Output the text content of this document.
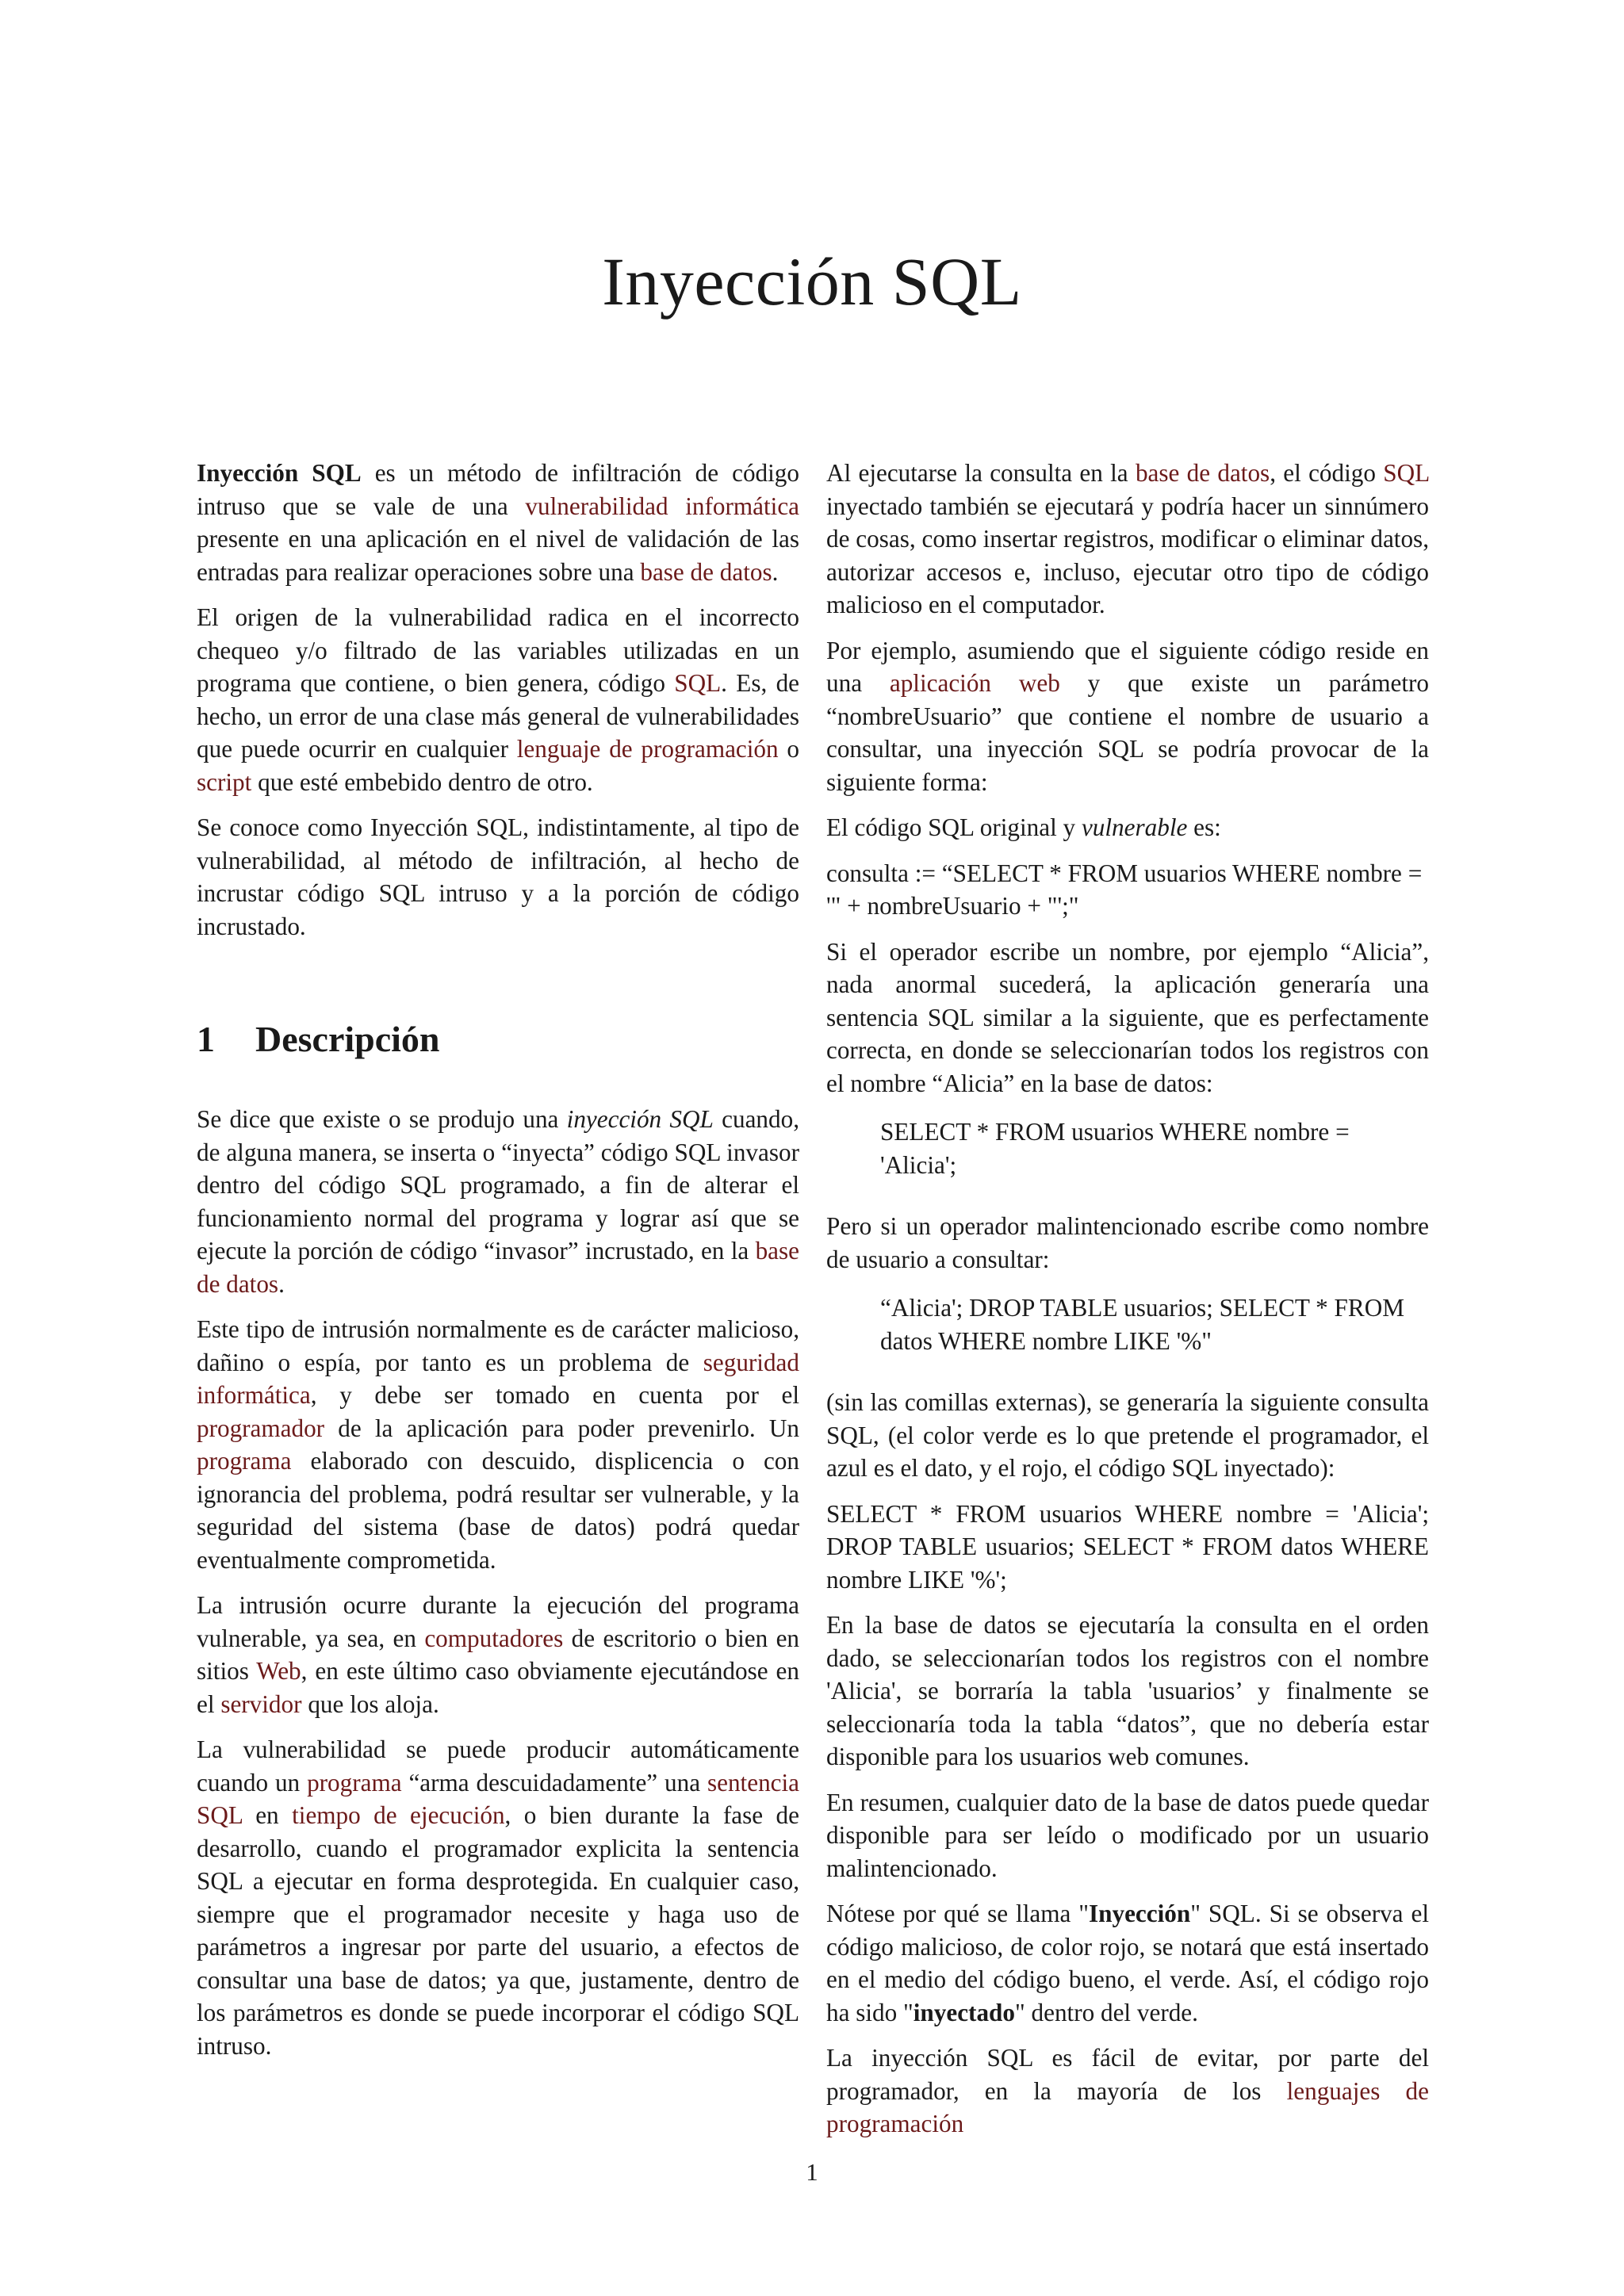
Inyección SQL

Inyección SQL es un método de infiltración de código intruso que se vale de una vulnerabilidad informática presente en una aplicación en el nivel de validación de las entradas para realizar operaciones sobre una base de datos.

El origen de la vulnerabilidad radica en el incorrecto chequeo y/o filtrado de las variables utilizadas en un programa que contiene, o bien genera, código SQL. Es, de hecho, un error de una clase más general de vulnerabilidades que puede ocurrir en cualquier lenguaje de programación o script que esté embebido dentro de otro.

Se conoce como Inyección SQL, indistintamente, al tipo de vulnerabilidad, al método de infiltración, al hecho de incrustar código SQL intruso y a la porción de código incrustado.

1 Descripción

Se dice que existe o se produjo una inyección SQL cuando, de alguna manera, se inserta o “inyecta” código SQL invasor dentro del código SQL programado, a fin de alterar el funcionamiento normal del programa y lograr así que se ejecute la porción de código “invasor” incrustado, en la base de datos.

Este tipo de intrusión normalmente es de carácter malicioso, dañino o espía, por tanto es un problema de seguridad informática, y debe ser tomado en cuenta por el programador de la aplicación para poder prevenirlo. Un programa elaborado con descuido, displicencia o con ignorancia del problema, podrá resultar ser vulnerable, y la seguridad del sistema (base de datos) podrá quedar eventualmente comprometida.

La intrusión ocurre durante la ejecución del programa vulnerable, ya sea, en computadores de escritorio o bien en sitios Web, en este último caso obviamente ejecutándose en el servidor que los aloja.

La vulnerabilidad se puede producir automáticamente cuando un programa “arma descuidadamente” una sentencia SQL en tiempo de ejecución, o bien durante la fase de desarrollo, cuando el programador explicita la sentencia SQL a ejecutar en forma desprotegida. En cualquier caso, siempre que el programador necesite y haga uso de parámetros a ingresar por parte del usuario, a efectos de consultar una base de datos; ya que, justamente, dentro de los parámetros es donde se puede incorporar el código SQL intruso.

Al ejecutarse la consulta en la base de datos, el código SQL inyectado también se ejecutará y podría hacer un sinnúmero de cosas, como insertar registros, modificar o eliminar datos, autorizar accesos e, incluso, ejecutar otro tipo de código malicioso en el computador.

Por ejemplo, asumiendo que el siguiente código reside en una aplicación web y que existe un parámetro “nombreUsuario” que contiene el nombre de usuario a consultar, una inyección SQL se podría provocar de la siguiente forma:

El código SQL original y vulnerable es:

consulta := “SELECT * FROM usuarios WHERE nombre = '" + nombreUsuario + "';"

Si el operador escribe un nombre, por ejemplo “Alicia”, nada anormal sucederá, la aplicación generaría una sentencia SQL similar a la siguiente, que es perfectamente correcta, en donde se seleccionarían todos los registros con el nombre “Alicia” en la base de datos:

SELECT * FROM usuarios WHERE nombre = 'Alicia';

Pero si un operador malintencionado escribe como nombre de usuario a consultar:

“Alicia'; DROP TABLE usuarios; SELECT * FROM datos WHERE nombre LIKE '%"

(sin las comillas externas), se generaría la siguiente consulta SQL, (el color verde es lo que pretende el programador, el azul es el dato, y el rojo, el código SQL inyectado):

SELECT * FROM usuarios WHERE nombre = 'Alicia'; DROP TABLE usuarios; SELECT * FROM datos WHERE nombre LIKE '%';

En la base de datos se ejecutaría la consulta en el orden dado, se seleccionarían todos los registros con el nombre 'Alicia', se borraría la tabla 'usuarios’ y finalmente se seleccionaría toda la tabla “datos”, que no debería estar disponible para los usuarios web comunes.

En resumen, cualquier dato de la base de datos puede quedar disponible para ser leído o modificado por un usuario malintencionado.

Nótese por qué se llama "Inyección" SQL. Si se observa el código malicioso, de color rojo, se notará que está insertado en el medio del código bueno, el verde. Así, el código rojo ha sido "inyectado" dentro del verde.

La inyección SQL es fácil de evitar, por parte del programador, en la mayoría de los lenguajes de programación

1
